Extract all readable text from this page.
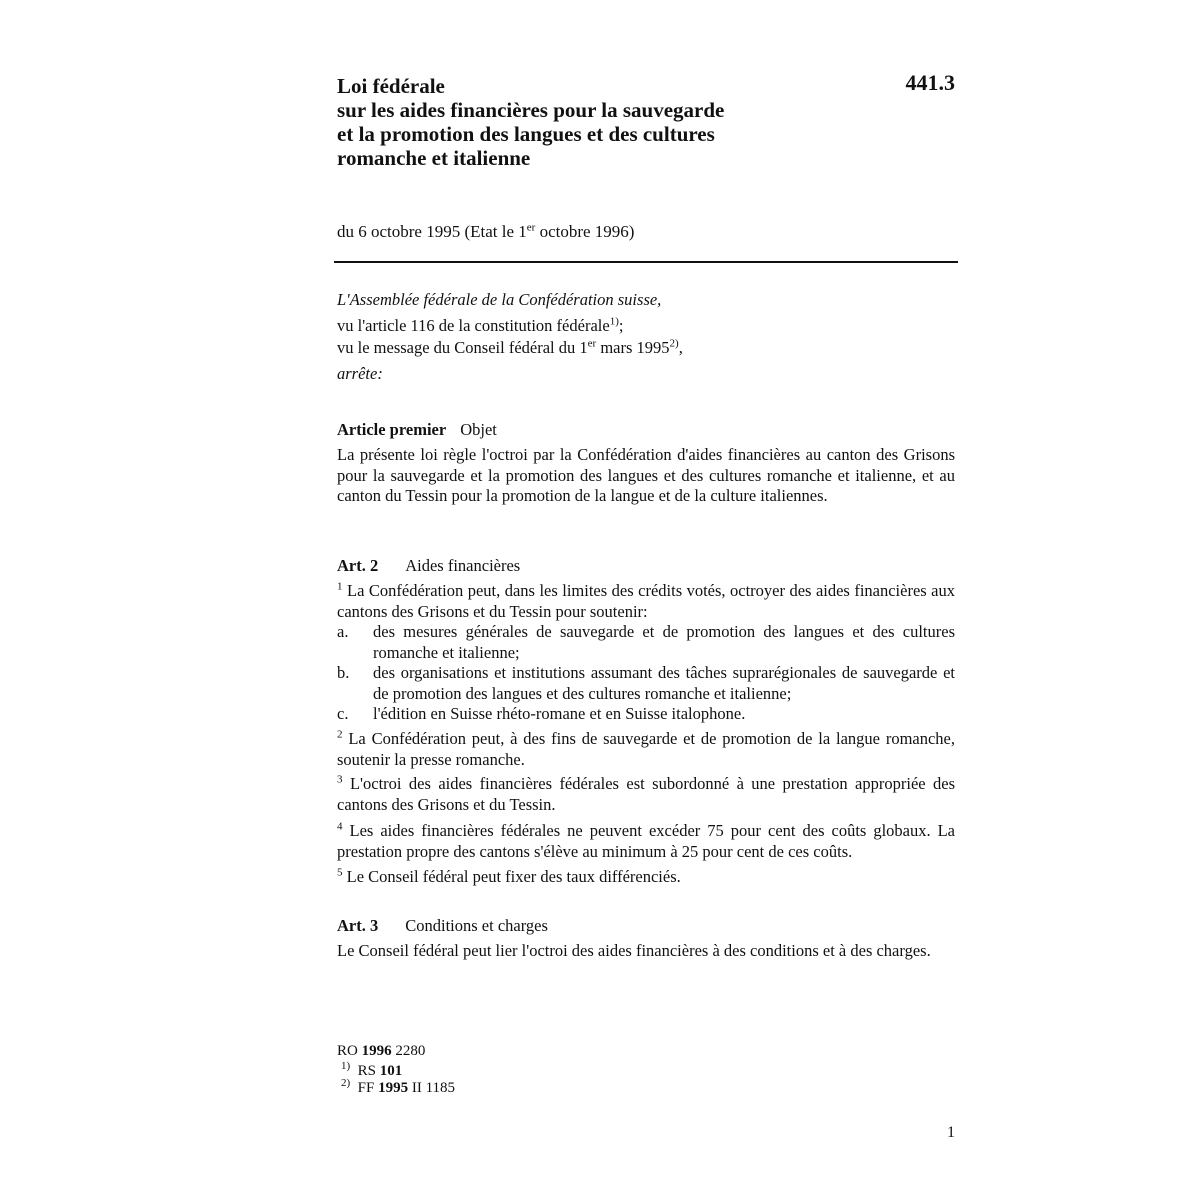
Loi fédérale
sur les aides financières pour la sauvegarde
et la promotion des langues et des cultures
romanche et italienne
441.3
du 6 octobre 1995 (Etat le 1er octobre 1996)
L'Assemblée fédérale de la Confédération suisse,
vu l'article 116 de la constitution fédérale$^{1)}$;
vu le message du Conseil fédéral du 1er mars 1995$^{2)}$,
arrête:
Article premier Objet
La présente loi règle l'octroi par la Confédération d'aides financières au canton des Grisons pour la sauvegarde et la promotion des langues et des cultures romanche et italienne, et au canton du Tessin pour la promotion de la langue et de la culture italiennes.
Art. 2 Aides financières
$^1$ La Confédération peut, dans les limites des crédits votés, octroyer des aides financières aux cantons des Grisons et du Tessin pour soutenir:
a. des mesures générales de sauvegarde et de promotion des langues et des cultures romanche et italienne;
b. des organisations et institutions assumant des tâches suprarégionales de sauvegarde et de promotion des langues et des cultures romanche et italienne;
c. l'édition en Suisse rhéto-romane et en Suisse italophone.
$^2$ La Confédération peut, à des fins de sauvegarde et de promotion de la langue romanche, soutenir la presse romanche.
$^3$ L'octroi des aides financières fédérales est subordonné à une prestation appropriée des cantons des Grisons et du Tessin.
$^4$ Les aides financières fédérales ne peuvent excéder 75 pour cent des coûts globaux. La prestation propre des cantons s'élève au minimum à 25 pour cent de ces coûts.
$^5$ Le Conseil fédéral peut fixer des taux différenciés.
Art. 3 Conditions et charges
Le Conseil fédéral peut lier l'octroi des aides financières à des conditions et à des charges.
RO 1996 2280
$^{1)}$ RS 101
$^{2)}$ FF 1995 II 1185
1
